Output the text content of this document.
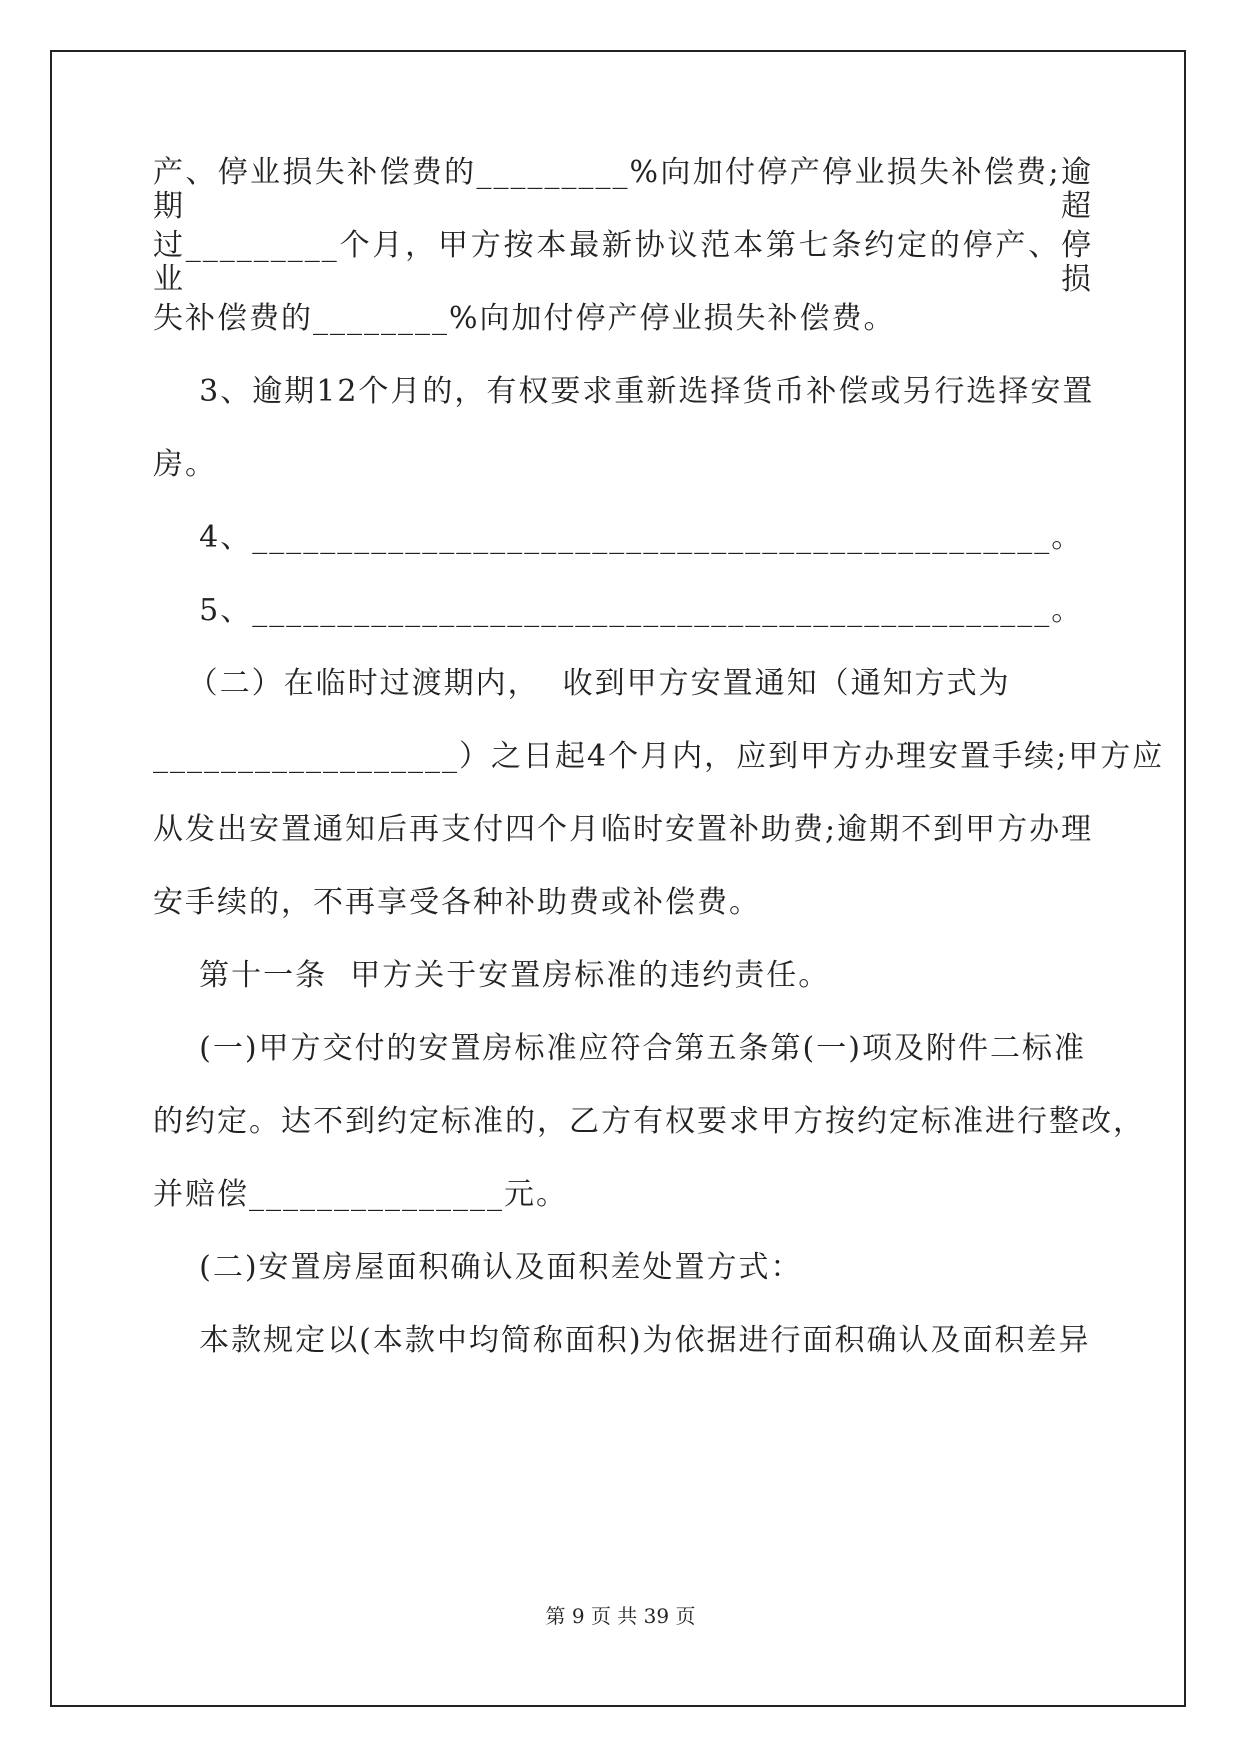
产、停业损失补偿费的_________%向加付停产停业损失补偿费;逾期超

过_________个月，甲方按本最新协议范本第七条约定的停产、停业损

失补偿费的________%向加付停产停业损失补偿费。

3、逾期12个月的，有权要求重新选择货币补偿或另行选择安置

房。

4、_______________________________________________。

5、_______________________________________________。

（二）在临时过渡期内，  收到甲方安置通知（通知方式为

__________________）之日起4个月内，应到甲方办理安置手续;甲方应

从发出安置通知后再支付四个月临时安置补助费;逾期不到甲方办理

安手续的，不再享受各种补助费或补偿费。

第十一条  甲方关于安置房标准的违约责任。

(一)甲方交付的安置房标准应符合第五条第(一)项及附件二标准

的约定。达不到约定标准的，乙方有权要求甲方按约定标准进行整改，

并赔偿_______________元。

(二)安置房屋面积确认及面积差处置方式：

本款规定以(本款中均简称面积)为依据进行面积确认及面积差异

第 9 页 共 39 页
